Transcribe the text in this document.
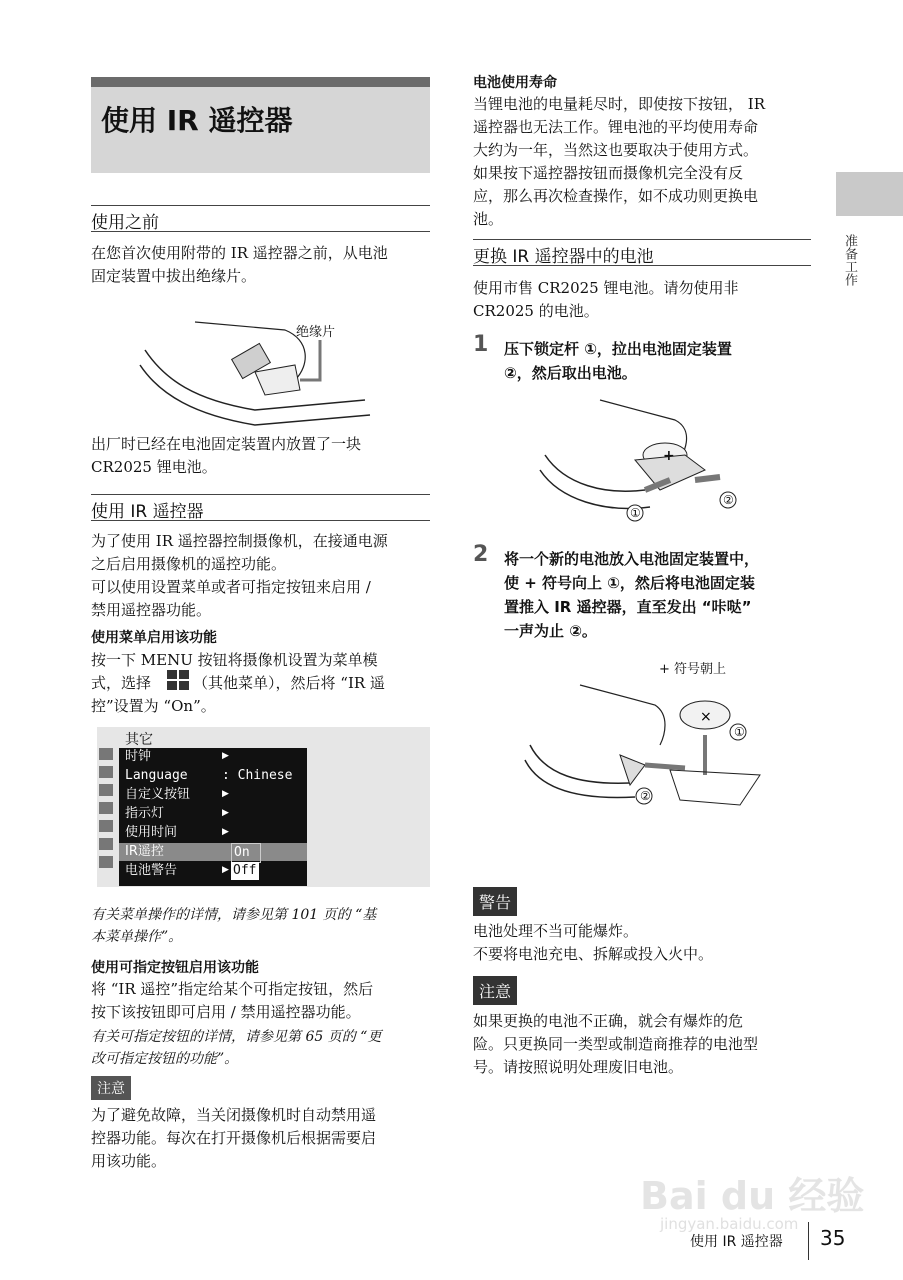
使用 IR 遥控器
准备工作
使用之前

在您首次使用附带的 IR 遥控器之前，从电池

固定装置中拔出绝缘片。

绝缘片

出厂时已经在电池固定装置内放置了一块

CR2025 锂电池。

使用 IR 遥控器

为了使用 IR 遥控器控制摄像机，在接通电源

之后启用摄像机的遥控功能。

可以使用设置菜单或者可指定按钮来启用 /

禁用遥控器功能。

使用菜单启用该功能

按一下 MENU 按钮将摄像机设置为菜单模

式，选择	（其他菜单），然后将 “IR 遥

控”设置为 “On”。

其它
时钟	▶
Language	: Chinese
自定义按钮	▶
指示灯	▶
使用时间	▶
IR遥控	On
电池警告	▶ Off

有关菜单操作的详情，请参见第 101 页的 “基

本菜单操作”。

使用可指定按钮启用该功能

将 “IR 遥控”指定给某个可指定按钮，然后

按下该按钮即可启用 / 禁用遥控器功能。

有关可指定按钮的详情，请参见第 65 页的 “更

改可指定按钮的功能”。

注意

为了避免故障，当关闭摄像机时自动禁用遥

控器功能。每次在打开摄像机后根据需要启

用该功能。

电池使用寿命

当锂电池的电量耗尽时，即使按下按钮， IR

遥控器也无法工作。锂电池的平均使用寿命

大约为一年，当然这也要取决于使用方式。

如果按下遥控器按钮而摄像机完全没有反

应，那么再次检查操作，如不成功则更换电

池。

更换 IR 遥控器中的电池

使用市售 CR2025 锂电池。请勿使用非

CR2025 的电池。

1 压下锁定杆 ①，拉出电池固定装置
②，然后取出电池。
+
①
②
2 将一个新的电池放入电池固定装置中，
使 + 符号向上 ①，然后将电池固定装
置推入 IR 遥控器，直至发出 “咔哒”
一声为止 ②。
+ 符号朝上
×
①
②
警告

电池处理不当可能爆炸。

不要将电池充电、拆解或投入火中。

注意

如果更换的电池不正确，就会有爆炸的危

险。只更换同一类型或制造商推荐的电池型

号。请按照说明处理废旧电池。

Bai du 经验
jingyan.baidu.com
使用 IR 遥控器 35
